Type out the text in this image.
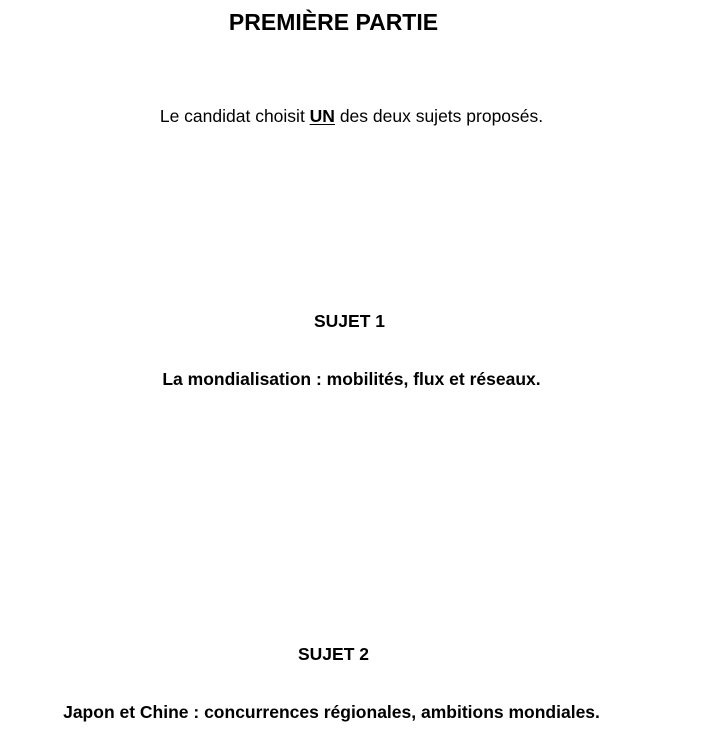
PREMIÈRE PARTIE
Le candidat choisit UN des deux sujets proposés.
SUJET 1
La mondialisation : mobilités, flux et réseaux.
SUJET 2
Japon et Chine : concurrences régionales, ambitions mondiales.
